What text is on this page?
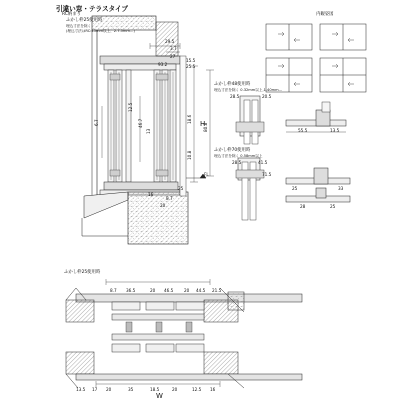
29.5
3.7
27
93.2
15.5
25.5
6.7
12.5
46.7
13
18.6
10.8
80.8
25
8.7
16
20
H
FL
28.5	20.5
55.5	13.5
28.5	41.5
25	33
71.5
28	25
8.7 36.5	20 46.5	20 44.5 21.5
13.5 17 20	35	18.5	20	12.5 16
W
引違い窓・テラスタイプ
RC納まり
ふかし枠25使用時
埋込寸法を除く
(埋込寸法はRC:45mm以上、2.7.5mm…)
内観姿図
ふかし枠48使用時
埋込寸法を除く 0.32mm以上,1.40mm…
ふかし枠70使用時
埋込寸法を除く 0.58mm以上
ふかし枠25使用時
